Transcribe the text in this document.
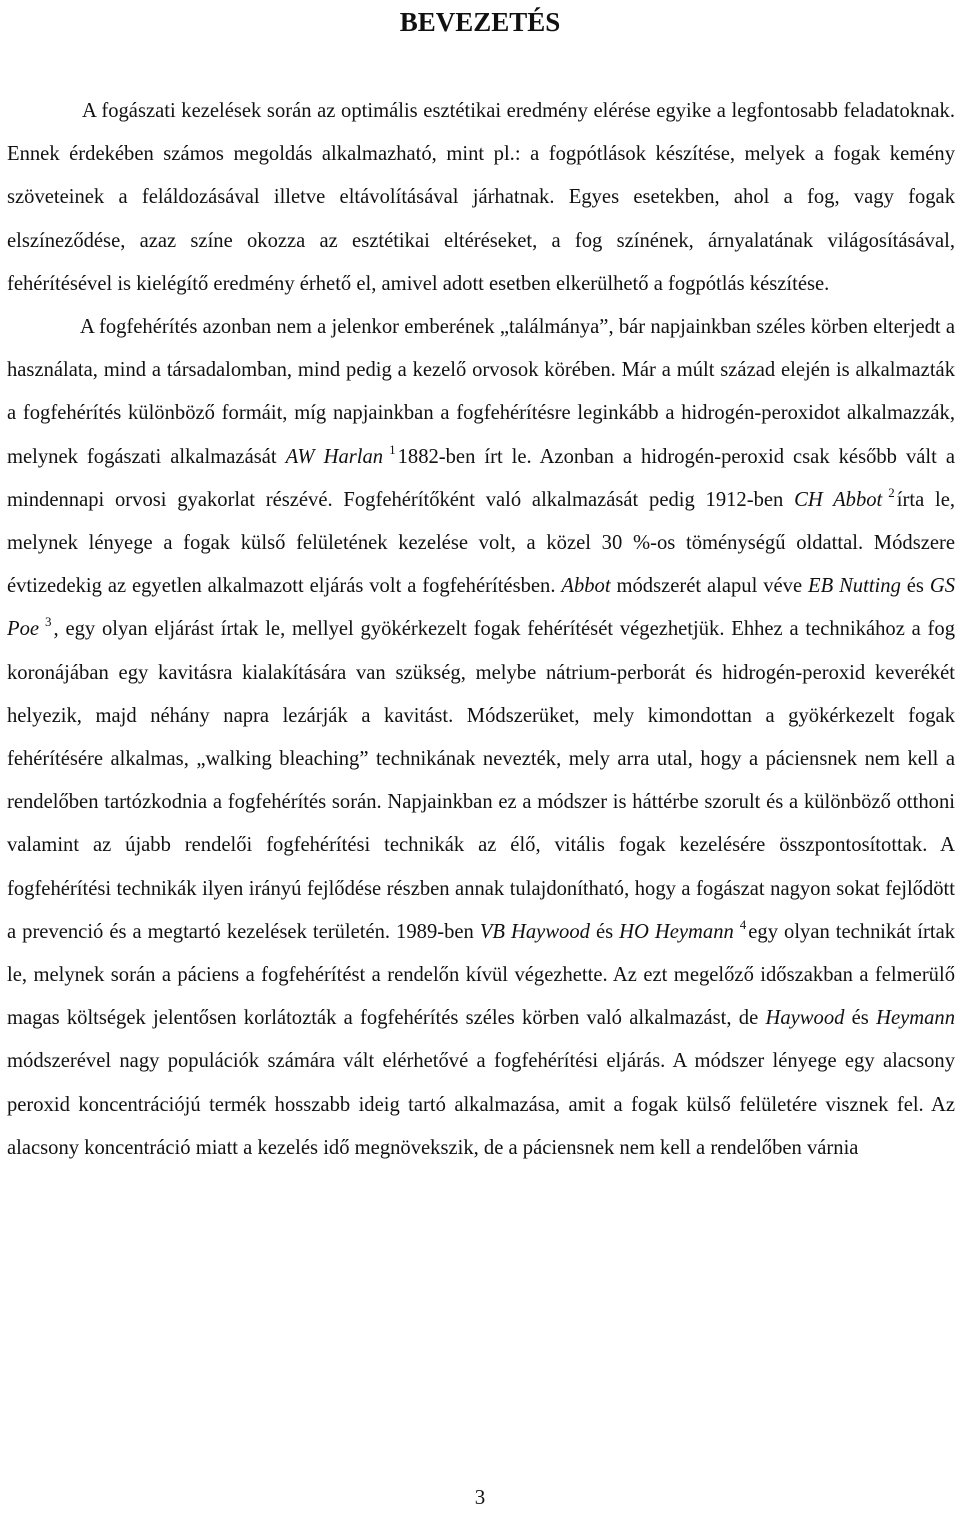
BEVEZETÉS

A fogászati kezelések során az optimális esztétikai eredmény elérése egyike a legfontosabb feladatoknak. Ennek érdekében számos megoldás alkalmazható, mint pl.: a fogpótlások készítése, melyek a fogak kemény szöveteinek a feláldozásával illetve eltávolításával járhatnak. Egyes esetekben, ahol a fog, vagy fogak elszíneződése, azaz színe okozza az esztétikai eltéréseket, a fog színének, árnyalatának világosításával, fehérítésével is kielégítő eredmény érhető el, amivel adott esetben elkerülhető a fogpótlás készítése.

A fogfehérítés azonban nem a jelenkor emberének „találmánya”, bár napjainkban széles körben elterjedt a használata, mind a társadalomban, mind pedig a kezelő orvosok körében. Már a múlt század elején is alkalmazták a fogfehérítés különböző formáit, míg napjainkban a fogfehérítésre leginkább a hidrogén-peroxidot alkalmazzák, melynek fogászati alkalmazását AW Harlan $^1$1882-ben írt le. Azonban a hidrogén-peroxid csak később vált a mindennapi orvosi gyakorlat részévé. Fogfehérítőként való alkalmazását pedig 1912-ben CH Abbot $^2$írta le, melynek lényege a fogak külső felületének kezelése volt, a közel 30 %-os töménységű oldattal. Módszere évtizedekig az egyetlen alkalmazott eljárás volt a fogfehérítésben. Abbot módszerét alapul véve EB Nutting és GS Poe $^3$, egy olyan eljárást írtak le, mellyel gyökérkezelt fogak fehérítését végezhetjük. Ehhez a technikához a fog koronájában egy kavitásra kialakítására van szükség, melybe nátrium-perborát és hidrogén-peroxid keverékét helyezik, majd néhány napra lezárják a kavitást. Módszerüket, mely kimondottan a gyökérkezelt fogak fehérítésére alkalmas, „walking bleaching” technikának nevezték, mely arra utal, hogy a páciensnek nem kell a rendelőben tartózkodnia a fogfehérítés során. Napjainkban ez a módszer is háttérbe szorult és a különböző otthoni valamint az újabb rendelői fogfehérítési technikák az élő, vitális fogak kezelésére összpontosítottak. A fogfehérítési technikák ilyen irányú fejlődése részben annak tulajdonítható, hogy a fogászat nagyon sokat fejlődött a prevenció és a megtartó kezelések területén. 1989-ben VB Haywood és HO Heymann $^4$egy olyan technikát írtak le, melynek során a páciens a fogfehérítést a rendelőn kívül végezhette. Az ezt megelőző időszakban a felmerülő magas költségek jelentősen korlátozták a fogfehérítés széles körben való alkalmazást, de Haywood és Heymann módszerével nagy populációk számára vált elérhetővé a fogfehérítési eljárás. A módszer lényege egy alacsony peroxid koncentrációjú termék hosszabb ideig tartó alkalmazása, amit a fogak külső felületére visznek fel. Az alacsony koncentráció miatt a kezelés idő megnövekszik, de a páciensnek nem kell a rendelőben várnia

3
